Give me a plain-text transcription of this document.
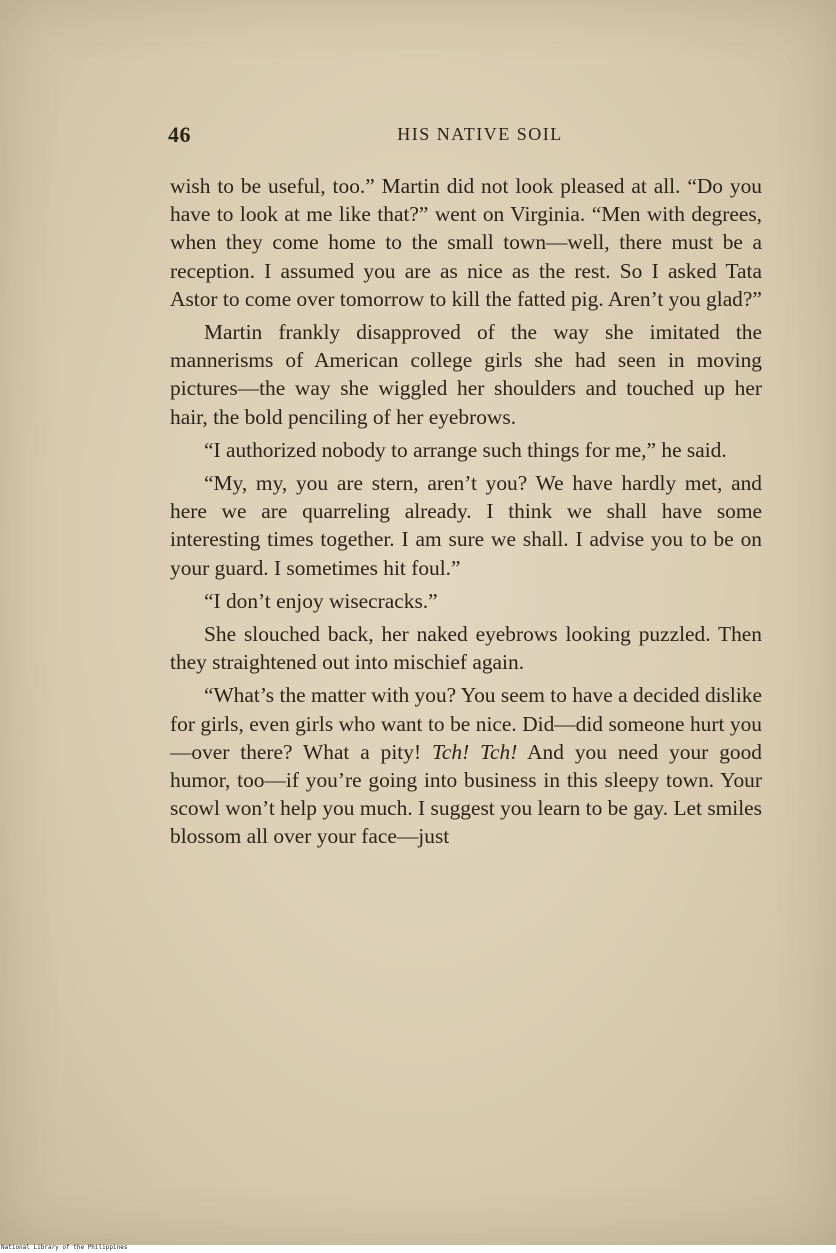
46	HIS NATIVE SOIL

wish to be useful, too.” Martin did not look pleased at all. “Do you have to look at me like that?” went on Virginia. “Men with degrees, when they come home to the small town—well, there must be a reception. I assumed you are as nice as the rest. So I asked Tata Astor to come over tomorrow to kill the fatted pig. Aren’t you glad?”

Martin frankly disapproved of the way she imitated the mannerisms of American college girls she had seen in moving pictures—the way she wiggled her shoulders and touched up her hair, the bold penciling of her eyebrows.

“I authorized nobody to arrange such things for me,” he said.

“My, my, you are stern, aren’t you? We have hardly met, and here we are quarreling already. I think we shall have some interesting times together. I am sure we shall. I advise you to be on your guard. I sometimes hit foul.”

“I don’t enjoy wisecracks.”

She slouched back, her naked eyebrows looking puzzled. Then they straightened out into mischief again.

“What’s the matter with you? You seem to have a decided dislike for girls, even girls who want to be nice. Did—did someone hurt you—over there? What a pity! Tch! Tch! And you need your good humor, too—if you’re going into business in this sleepy town. Your scowl won’t help you much. I suggest you learn to be gay. Let smiles blossom all over your face—just

National Library of the Philippines
